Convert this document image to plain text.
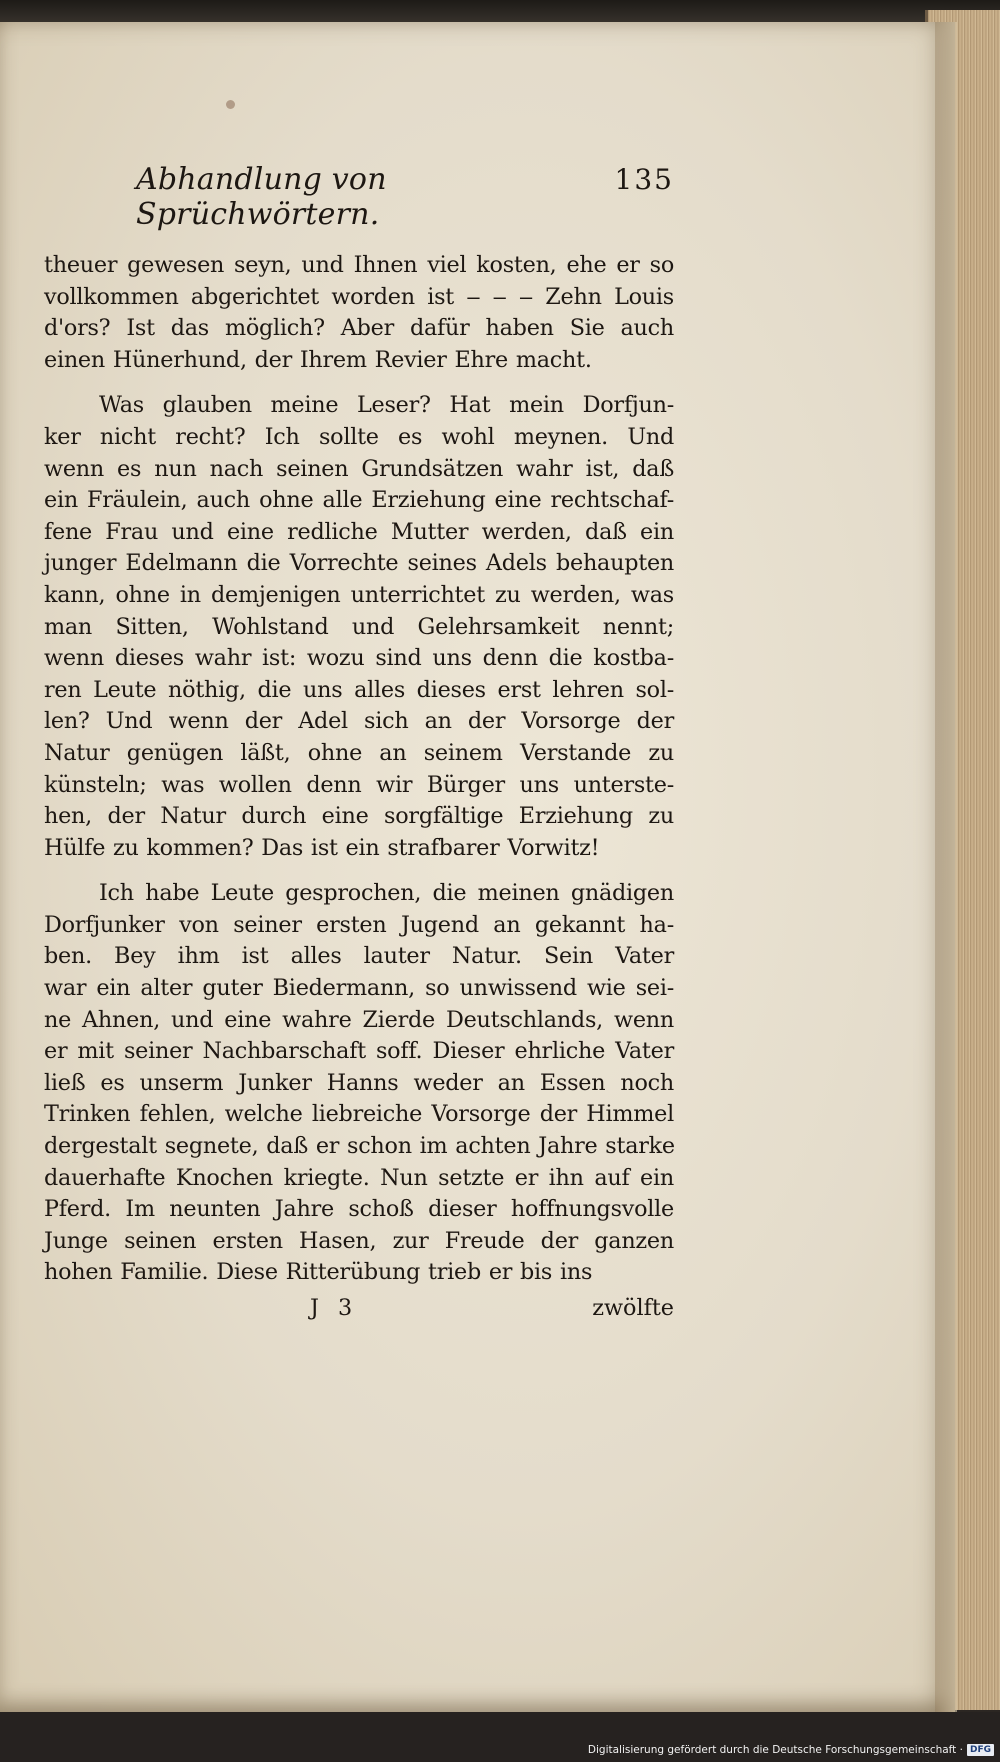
Abhandlung von Sprüchwörtern.
135
theuer gewesen seyn, und Ihnen viel kosten, ehe er so
vollkommen abgerichtet worden ist ‒ ‒ ‒ Zehn Louis
d'ors? Ist das möglich? Aber dafür haben Sie auch
einen Hünerhund, der Ihrem Revier Ehre macht.
Was glauben meine Leser? Hat mein Dorfjun-
ker nicht recht? Ich sollte es wohl meynen. Und
wenn es nun nach seinen Grundsätzen wahr ist, daß
ein Fräulein, auch ohne alle Erziehung eine rechtschaf-
fene Frau und eine redliche Mutter werden, daß ein
junger Edelmann die Vorrechte seines Adels behaupten
kann, ohne in demjenigen unterrichtet zu werden, was
man Sitten, Wohlstand und Gelehrsamkeit nennt;
wenn dieses wahr ist: wozu sind uns denn die kostba-
ren Leute nöthig, die uns alles dieses erst lehren sol-
len? Und wenn der Adel sich an der Vorsorge der
Natur genügen läßt, ohne an seinem Verstande zu
künsteln; was wollen denn wir Bürger uns unterste-
hen, der Natur durch eine sorgfältige Erziehung zu
Hülfe zu kommen? Das ist ein strafbarer Vorwitz!
Ich habe Leute gesprochen, die meinen gnädigen
Dorfjunker von seiner ersten Jugend an gekannt ha-
ben. Bey ihm ist alles lauter Natur. Sein Vater
war ein alter guter Biedermann, so unwissend wie sei-
ne Ahnen, und eine wahre Zierde Deutschlands, wenn
er mit seiner Nachbarschaft soff. Dieser ehrliche Vater
ließ es unserm Junker Hanns weder an Essen noch
Trinken fehlen, welche liebreiche Vorsorge der Himmel
dergestalt segnete, daß er schon im achten Jahre starke
dauerhafte Knochen kriegte. Nun setzte er ihn auf ein
Pferd. Im neunten Jahre schoß dieser hoffnungsvolle
Junge seinen ersten Hasen, zur Freude der ganzen
hohen Familie. Diese Ritterübung trieb er bis ins
J 3	zwölfte
Digitalisierung gefördert durch die Deutsche Forschungsgemeinschaft · DFG
